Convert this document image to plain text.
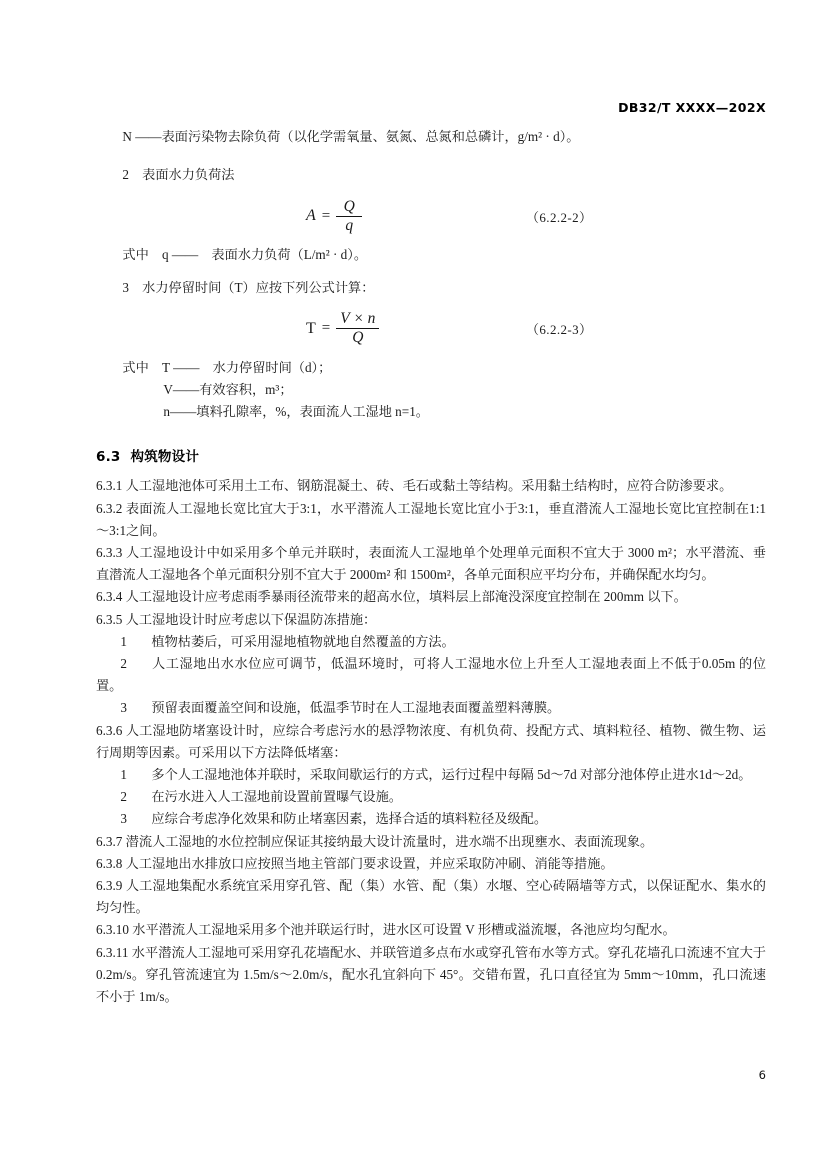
DB32/T XXXX—202X

N ——表面污染物去除负荷（以化学需氧量、氨氮、总氮和总磷计，g/m² · d）。

2　表面水力负荷法

$A = \frac{Q}{q}$	（6.2.2-2）

式中　q ——　表面水力负荷（L/m² · d）。

3　水力停留时间（T）应按下列公式计算：

$T = \frac{V \times n}{Q}$	（6.2.2-3）

式中　T ——　水力停留时间（d）；

V——有效容积，m³；

n——填料孔隙率，%，表面流人工湿地 n=1。

6.3 构筑物设计

6.3.1 人工湿地池体可采用土工布、钢筋混凝土、砖、毛石或黏土等结构。采用黏土结构时，应符合防渗要求。

6.3.2 表面流人工湿地长宽比宜大于3:1，水平潜流人工湿地长宽比宜小于3:1，垂直潜流人工湿地长宽比宜控制在1:1～3:1之间。

6.3.3 人工湿地设计中如采用多个单元并联时，表面流人工湿地单个处理单元面积不宜大于 3000 m²；水平潜流、垂直潜流人工湿地各个单元面积分别不宜大于 2000m² 和 1500m²，各单元面积应平均分布，并确保配水均匀。

6.3.4 人工湿地设计应考虑雨季暴雨径流带来的超高水位，填料层上部淹没深度宜控制在 200mm 以下。

6.3.5 人工湿地设计时应考虑以下保温防冻措施：

1 植物枯萎后，可采用湿地植物就地自然覆盖的方法。

2 人工湿地出水水位应可调节，低温环境时，可将人工湿地水位上升至人工湿地表面上不低于0.05m 的位置。

3 预留表面覆盖空间和设施，低温季节时在人工湿地表面覆盖塑料薄膜。

6.3.6 人工湿地防堵塞设计时，应综合考虑污水的悬浮物浓度、有机负荷、投配方式、填料粒径、植物、微生物、运行周期等因素。可采用以下方法降低堵塞：

1 多个人工湿地池体并联时，采取间歇运行的方式，运行过程中每隔 5d～7d 对部分池体停止进水1d～2d。

2 在污水进入人工湿地前设置前置曝气设施。

3 应综合考虑净化效果和防止堵塞因素，选择合适的填料粒径及级配。

6.3.7 潜流人工湿地的水位控制应保证其接纳最大设计流量时，进水端不出现壅水、表面流现象。

6.3.8 人工湿地出水排放口应按照当地主管部门要求设置，并应采取防冲刷、消能等措施。

6.3.9 人工湿地集配水系统宜采用穿孔管、配（集）水管、配（集）水堰、空心砖隔墙等方式，以保证配水、集水的均匀性。

6.3.10 水平潜流人工湿地采用多个池并联运行时，进水区可设置 V 形槽或溢流堰，各池应均匀配水。

6.3.11 水平潜流人工湿地可采用穿孔花墙配水、并联管道多点布水或穿孔管布水等方式。穿孔花墙孔口流速不宜大于 0.2m/s。穿孔管流速宜为 1.5m/s～2.0m/s，配水孔宜斜向下 45°。交错布置，孔口直径宜为 5mm～10mm，孔口流速不小于 1m/s。

6
